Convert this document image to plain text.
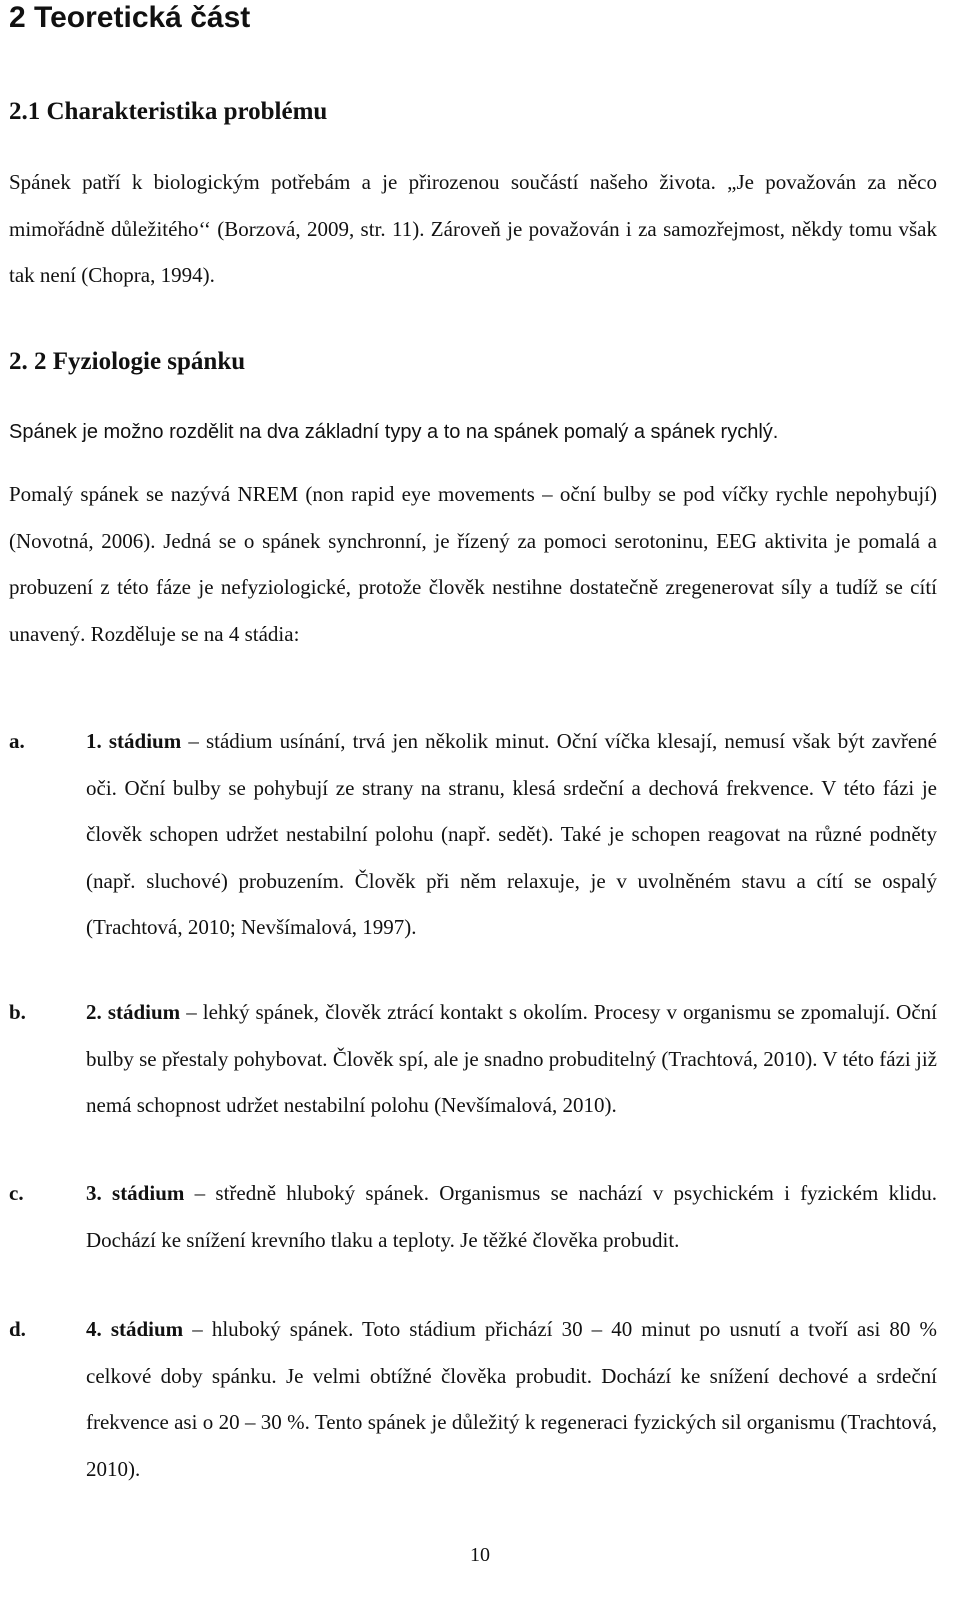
2 Teoretická část
2.1 Charakteristika problému

Spánek patří k biologickým potřebám a je přirozenou součástí našeho života. „Je považován za něco mimořádně důležitého‘‘ (Borzová, 2009, str. 11). Zároveň je považován i za samozřejmost, někdy tomu však tak není (Chopra, 1994).

2. 2 Fyziologie spánku

Spánek je možno rozdělit na dva základní typy a to na spánek pomalý a spánek rychlý.

Pomalý spánek se nazývá NREM (non rapid eye movements – oční bulby se pod víčky rychle nepohybují) (Novotná, 2006). Jedná se o spánek synchronní, je řízený za pomoci serotoninu, EEG aktivita je pomalá a probuzení z této fáze je nefyziologické, protože člověk nestihne dostatečně zregenerovat síly a tudíž se cítí unavený. Rozděluje se na 4 stádia:

a.	1. stádium – stádium usínání, trvá jen několik minut. Oční víčka klesají, nemusí však být zavřené oči. Oční bulby se pohybují ze strany na stranu, klesá srdeční a dechová frekvence. V této fázi je člověk schopen udržet nestabilní polohu (např. sedět). Také je schopen reagovat na různé podněty (např. sluchové) probuzením. Člověk při něm relaxuje, je v uvolněném stavu a cítí se ospalý (Trachtová, 2010; Nevšímalová, 1997).
b.	2. stádium – lehký spánek, člověk ztrácí kontakt s okolím. Procesy v organismu se zpomalují. Oční bulby se přestaly pohybovat. Člověk spí, ale je snadno probuditelný (Trachtová, 2010). V této fázi již nemá schopnost udržet nestabilní polohu (Nevšímalová, 2010).
c.	3. stádium – středně hluboký spánek. Organismus se nachází v psychickém i fyzickém klidu. Dochází ke snížení krevního tlaku a teploty. Je těžké člověka probudit.
d.	4. stádium – hluboký spánek. Toto stádium přichází 30 – 40 minut po usnutí a tvoří asi 80 % celkové doby spánku. Je velmi obtížné člověka probudit. Dochází ke snížení dechové a srdeční frekvence asi o 20 – 30 %. Tento spánek je důležitý k regeneraci fyzických sil organismu (Trachtová, 2010).
10
